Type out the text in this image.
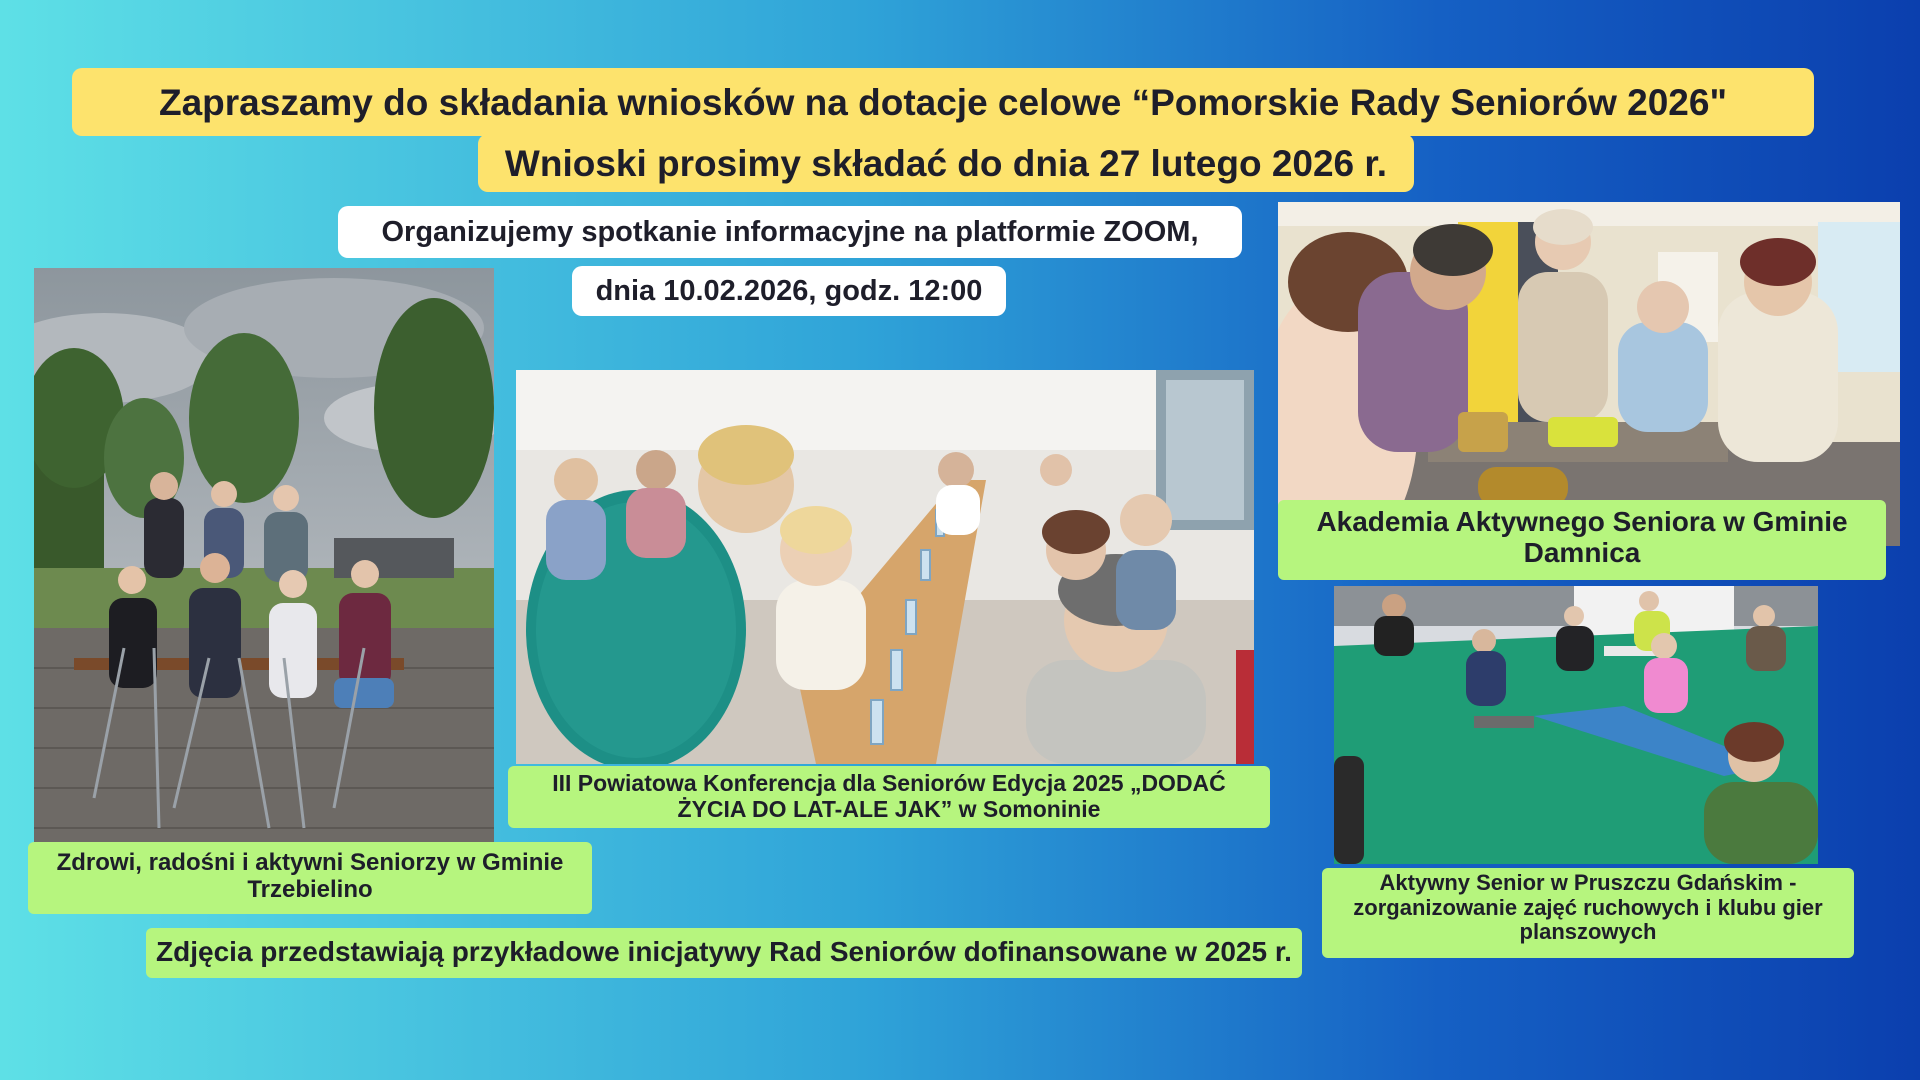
Zapraszamy do składania wniosków na dotacje celowe “Pomorskie Rady Seniorów 2026"
Wnioski prosimy składać do dnia 27 lutego 2026 r.
Organizujemy spotkanie informacyjne na platformie ZOOM,
dnia 10.02.2026, godz. 12:00
Zdrowi, radośni i aktywni Seniorzy w Gminie Trzebielino
III Powiatowa Konferencja dla Seniorów Edycja 2025 „DODAĆ ŻYCIA DO LAT-ALE JAK” w Somoninie
Akademia Aktywnego Seniora w Gminie Damnica
Aktywny Senior w Pruszczu Gdańskim - zorganizowanie zajęć ruchowych i klubu gier planszowych
Zdjęcia przedstawiają przykładowe inicjatywy Rad Seniorów dofinansowane w 2025 r.
